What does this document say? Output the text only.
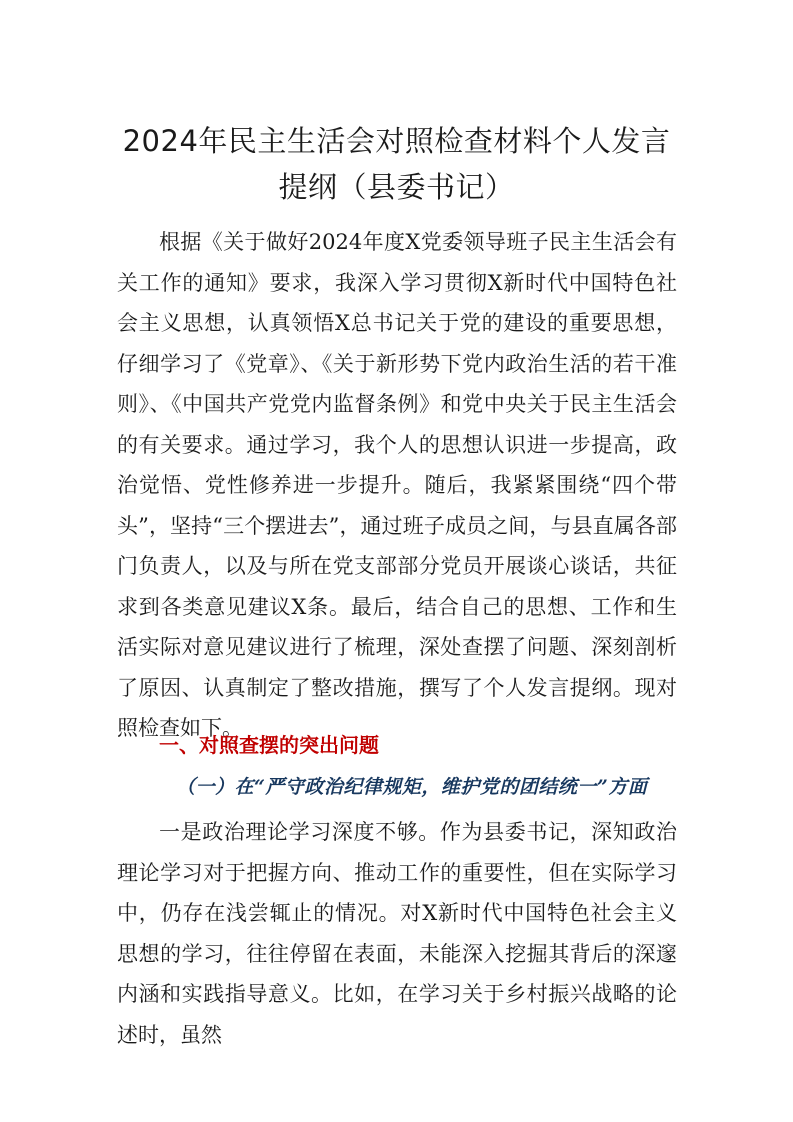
2024年民主生活会对照检查材料个人发言提纲（县委书记）

根据《关于做好2024年度X党委领导班子民主生活会有关工作的通知》要求，我深入学习贯彻X新时代中国特色社会主义思想，认真领悟X总书记关于党的建设的重要思想，仔细学习了《党章》、《关于新形势下党内政治生活的若干准则》、《中国共产党党内监督条例》和党中央关于民主生活会的有关要求。通过学习，我个人的思想认识进一步提高，政治觉悟、党性修养进一步提升。随后，我紧紧围绕“四个带头”，坚持“三个摆进去”，通过班子成员之间，与县直属各部门负责人，以及与所在党支部部分党员开展谈心谈话，共征求到各类意见建议X条。最后，结合自己的思想、工作和生活实际对意见建议进行了梳理，深处查摆了问题、深刻剖析了原因、认真制定了整改措施，撰写了个人发言提纲。现对照检查如下。

一、对照查摆的突出问题
（一）在“严守政治纪律规矩，维护党的团结统一”方面

一是政治理论学习深度不够。作为县委书记，深知政治理论学习对于把握方向、推动工作的重要性，但在实际学习中，仍存在浅尝辄止的情况。对X新时代中国特色社会主义思想的学习，往往停留在表面，未能深入挖掘其背后的深邃内涵和实践指导意义。比如，在学习关于乡村振兴战略的论述时，虽然
